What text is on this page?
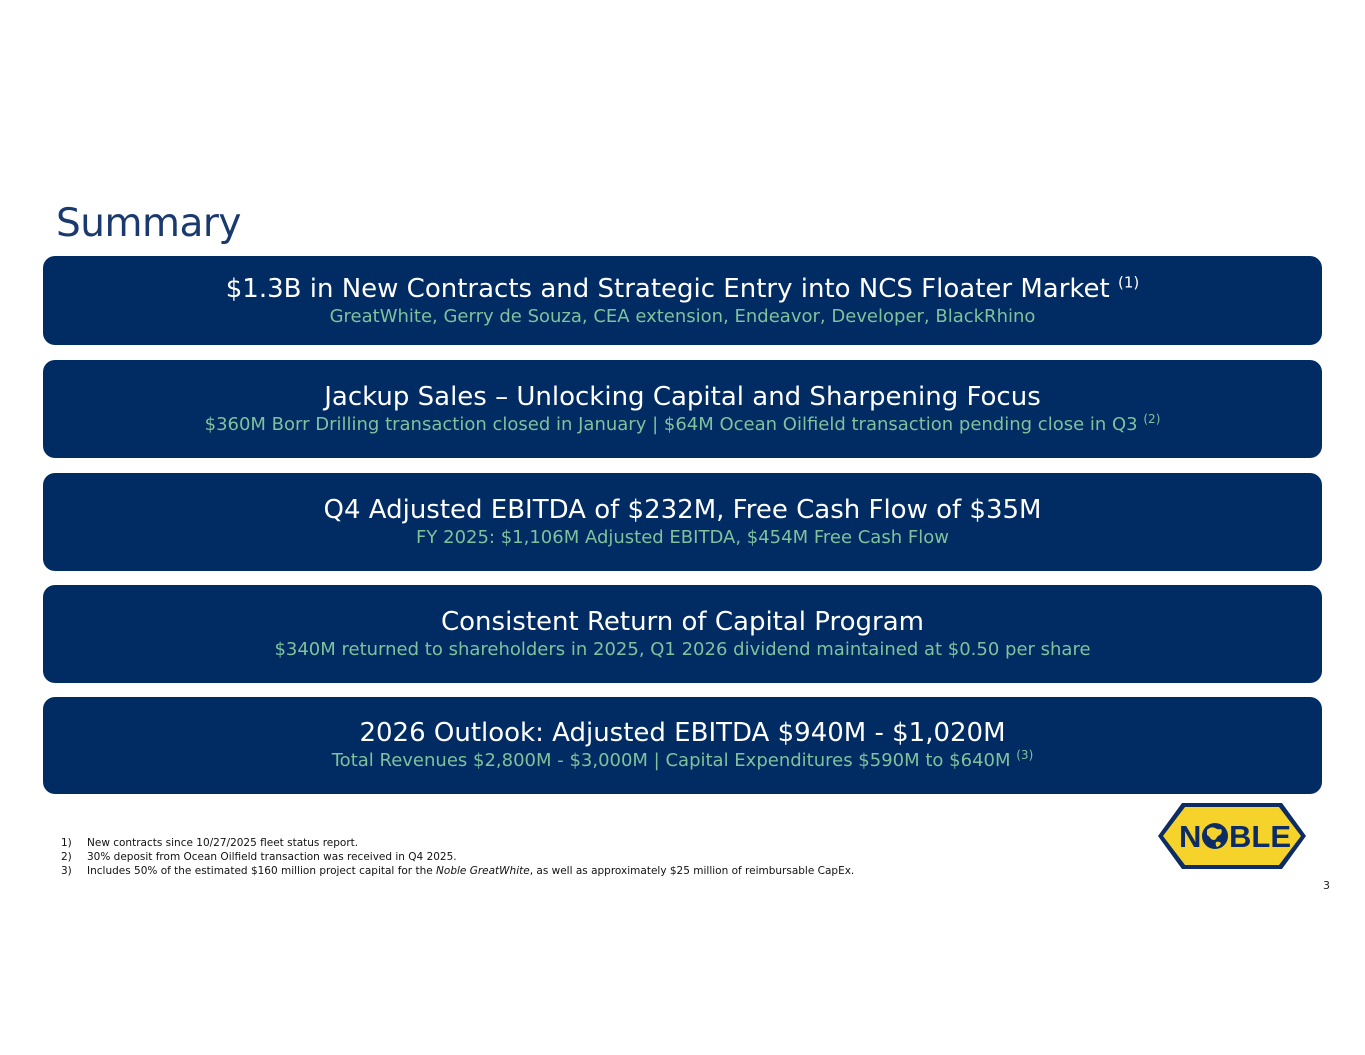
Summary
$1.3B in New Contracts and Strategic Entry into NCS Floater Market $^{(1)}$
GreatWhite, Gerry de Souza, CEA extension, Endeavor, Developer, BlackRhino
Jackup Sales – Unlocking Capital and Sharpening Focus
$360M Borr Drilling transaction closed in January | $64M Ocean Oilfield transaction pending close in Q3 $^{(2)}$
Q4 Adjusted EBITDA of $232M, Free Cash Flow of $35M
FY 2025: $1,106M Adjusted EBITDA, $454M Free Cash Flow
Consistent Return of Capital Program
$340M returned to shareholders in 2025, Q1 2026 dividend maintained at $0.50 per share
2026 Outlook: Adjusted EBITDA $940M - $1,020M
Total Revenues $2,800M - $3,000M | Capital Expenditures $590M to $640M $^{(3)}$
1) New contracts since 10/27/2025 fleet status report.
2) 30% deposit from Ocean Oilfield transaction was received in Q4 2025.
3) Includes 50% of the estimated $160 million project capital for the Noble GreatWhite, as well as approximately $25 million of reimbursable CapEx.
N BLE
3
